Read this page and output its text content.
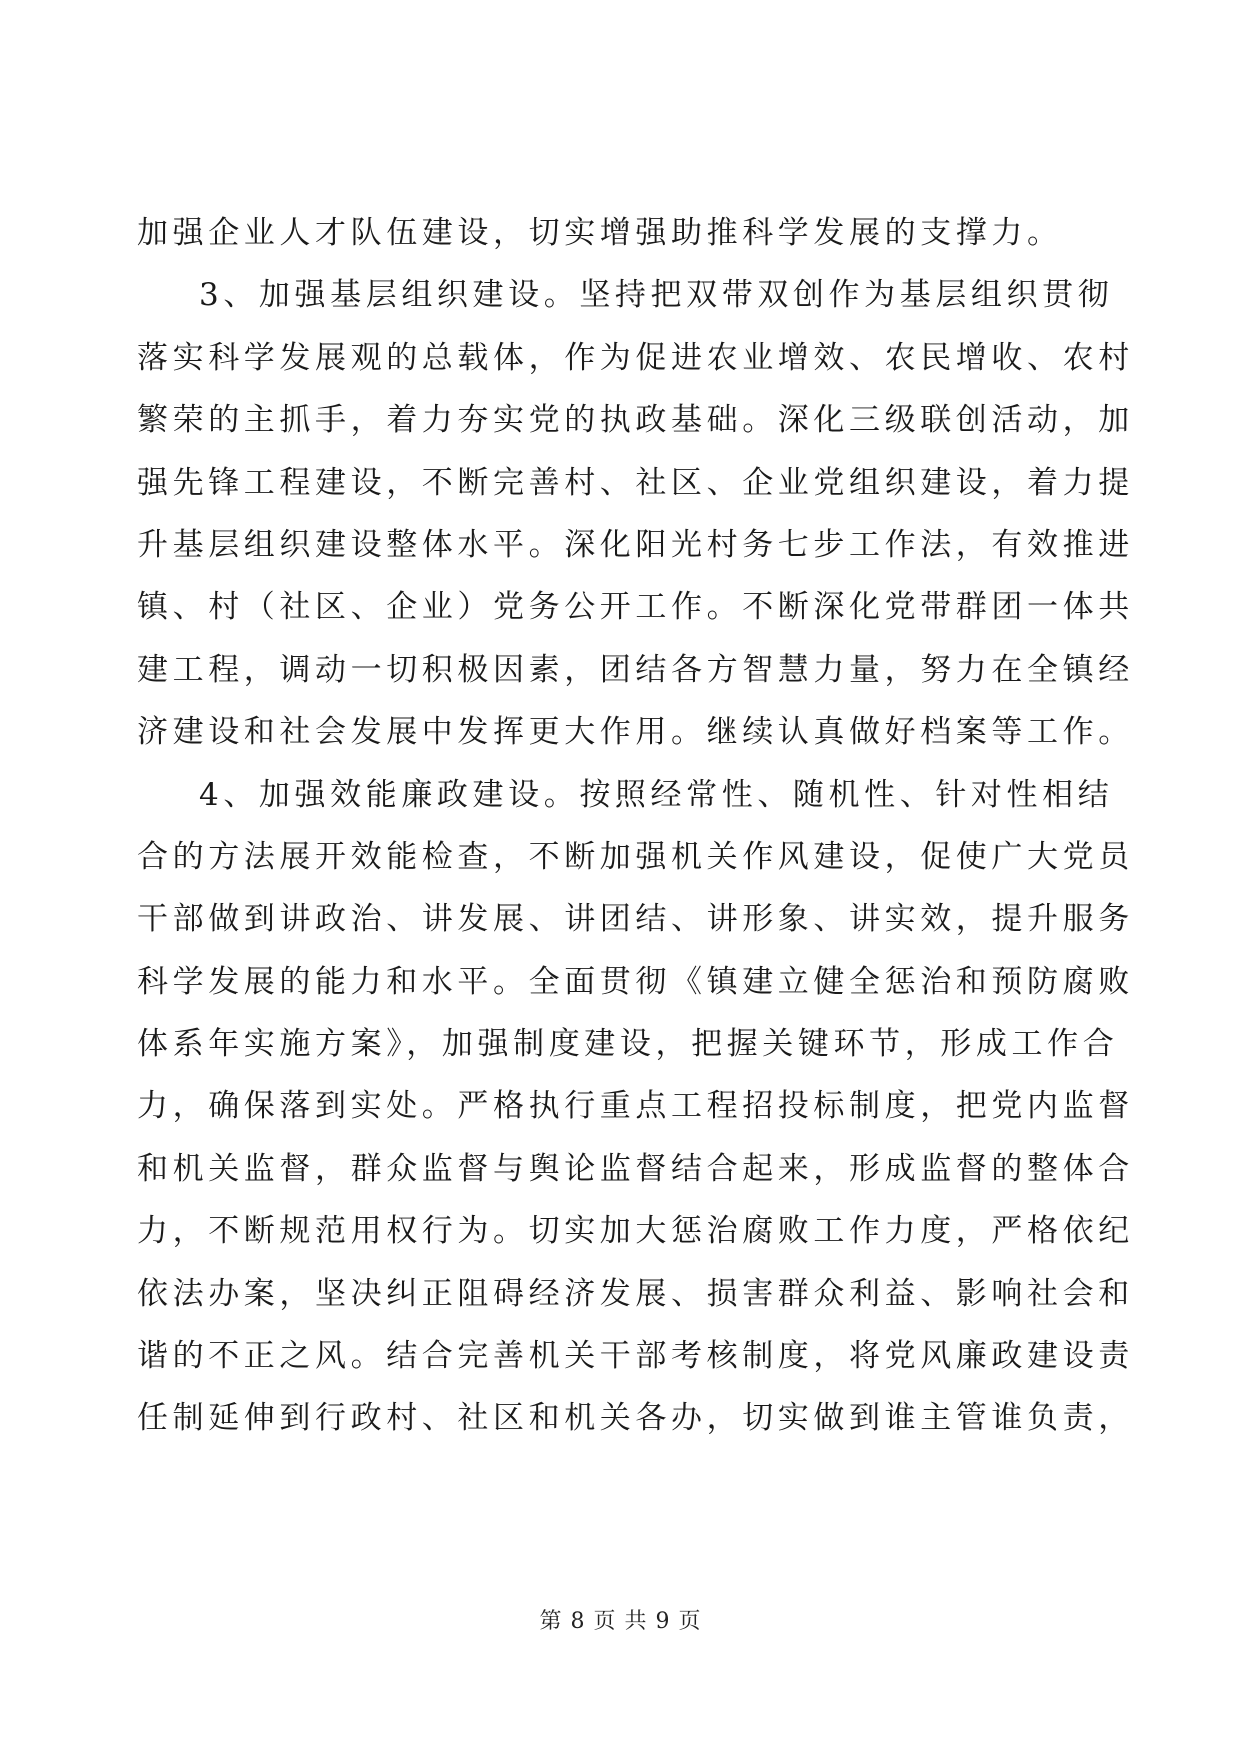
加强企业人才队伍建设，切实增强助推科学发展的支撑力。
3、加强基层组织建设。坚持把双带双创作为基层组织贯彻
落实科学发展观的总载体，作为促进农业增效、农民增收、农村
繁荣的主抓手，着力夯实党的执政基础。深化三级联创活动，加
强先锋工程建设，不断完善村、社区、企业党组织建设，着力提
升基层组织建设整体水平。深化阳光村务七步工作法，有效推进
镇、村（社区、企业）党务公开工作。不断深化党带群团一体共
建工程，调动一切积极因素，团结各方智慧力量，努力在全镇经
济建设和社会发展中发挥更大作用。继续认真做好档案等工作。
4、加强效能廉政建设。按照经常性、随机性、针对性相结
合的方法展开效能检查，不断加强机关作风建设，促使广大党员
干部做到讲政治、讲发展、讲团结、讲形象、讲实效，提升服务
科学发展的能力和水平。全面贯彻《镇建立健全惩治和预防腐败
体系年实施方案》，加强制度建设，把握关键环节，形成工作合
力，确保落到实处。严格执行重点工程招投标制度，把党内监督
和机关监督，群众监督与舆论监督结合起来，形成监督的整体合
力，不断规范用权行为。切实加大惩治腐败工作力度，严格依纪
依法办案，坚决纠正阻碍经济发展、损害群众利益、影响社会和
谐的不正之风。结合完善机关干部考核制度，将党风廉政建设责
任制延伸到行政村、社区和机关各办，切实做到谁主管谁负责，
第 8 页 共 9 页
